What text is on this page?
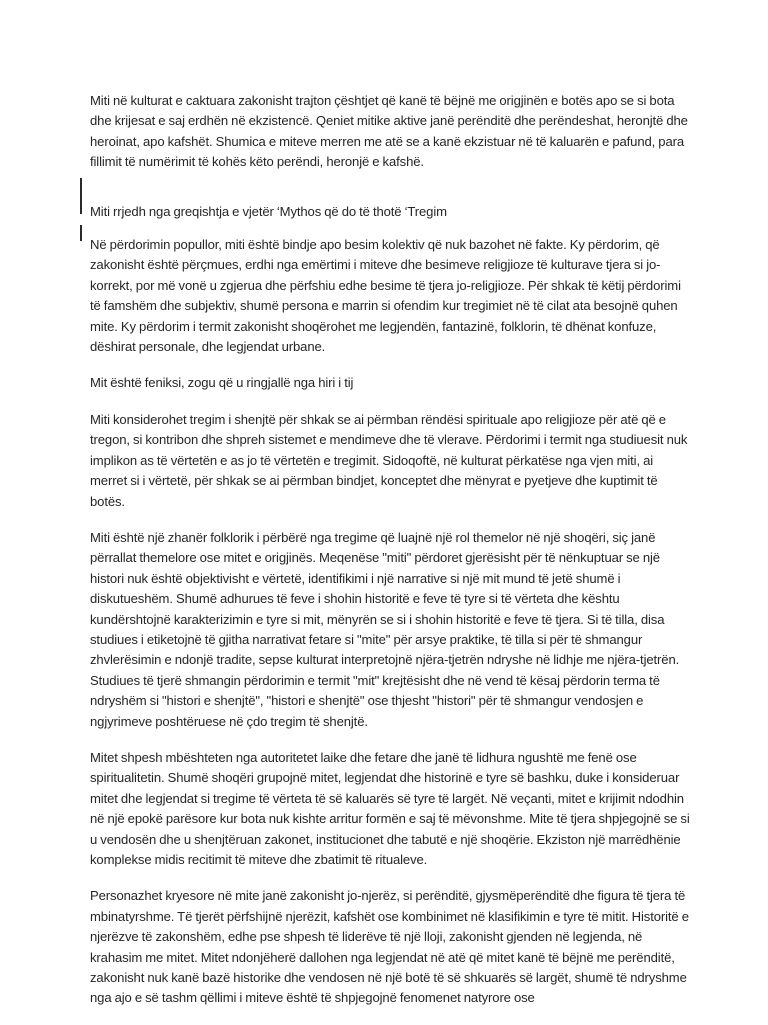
Miti në kulturat e caktuara zakonisht trajton çështjet që kanë të bëjnë me origjinën e botës apo se si bota dhe krijesat e saj erdhën në ekzistencë. Qeniet mitike aktive janë perënditë dhe perëndeshat, heronjtë dhe heroinat, apo kafshët. Shumica e miteve merren me atë se a kanë ekzistuar në të kaluarën e pafund, para fillimit të numërimit të kohës këto perëndi, heronjë e kafshë.

Miti rrjedh nga greqishtja e vjetër ‘Mythos që do të thotë ‘Tregim

Në përdorimin popullor, miti është bindje apo besim kolektiv që nuk bazohet në fakte. Ky përdorim, që zakonisht është përçmues, erdhi nga emërtimi i miteve dhe besimeve religjioze të kulturave tjera si jo-korrekt, por më vonë u zgjerua dhe përfshiu edhe besime të tjera jo-religjioze. Për shkak të këtij përdorimi të famshëm dhe subjektiv, shumë persona e marrin si ofendim kur tregimiet në të cilat ata besojnë quhen mite. Ky përdorim i termit zakonisht shoqërohet me legjendën, fantazinë, folklorin, të dhënat konfuze, dëshirat personale, dhe legjendat urbane.

Mit është feniksi, zogu që u ringjallë nga hiri i tij

Miti konsiderohet tregim i shenjtë për shkak se ai përmban rëndësi spirituale apo religjioze për atë që e tregon, si kontribon dhe shpreh sistemet e mendimeve dhe të vlerave. Përdorimi i termit nga studiuesit nuk implikon as të vërtetën e as jo të vërtetën e tregimit. Sidoqoftë, në kulturat përkatëse nga vjen miti, ai merret si i vërtetë, për shkak se ai përmban bindjet, konceptet dhe mënyrat e pyetjeve dhe kuptimit të botës.

Miti është një zhanër folklorik i përbërë nga tregime që luajnë një rol themelor në një shoqëri, siç janë përrallat themelore ose mitet e origjinës. Meqenëse "miti" përdoret gjerësisht për të nënkuptuar se një histori nuk është objektivisht e vërtetë, identifikimi i një narrative si një mit mund të jetë shumë i diskutueshëm. Shumë adhurues të feve i shohin historitë e feve të tyre si të vërteta dhe kështu kundërshtojnë karakterizimin e tyre si mit, mënyrën se si i shohin historitë e feve të tjera. Si të tilla, disa studiues i etiketojnë të gjitha narrativat fetare si "mite" për arsye praktike, të tilla si për të shmangur zhvlerësimin e ndonjë tradite, sepse kulturat interpretojnë njëra-tjetrën ndryshe në lidhje me njëra-tjetrën. Studiues të tjerë shmangin përdorimin e termit "mit" krejtësisht dhe në vend të kësaj përdorin terma të ndryshëm si "histori e shenjtë", "histori e shenjtë" ose thjesht "histori" për të shmangur vendosjen e ngjyrimeve poshtëruese në çdo tregim të shenjtë.

Mitet shpesh mbështeten nga autoritetet laike dhe fetare dhe janë të lidhura ngushtë me fenë ose spiritualitetin. Shumë shoqëri grupojnë mitet, legjendat dhe historinë e tyre së bashku, duke i konsideruar mitet dhe legjendat si tregime të vërteta të së kaluarës së tyre të largët. Në veçanti, mitet e krijimit ndodhin në një epokë parësore kur bota nuk kishte arritur formën e saj të mëvonshme. Mite të tjera shpjegojnë se si u vendosën dhe u shenjtëruan zakonet, institucionet dhe tabutë e një shoqërie. Ekziston një marrëdhënie komplekse midis recitimit të miteve dhe zbatimit të ritualeve.

Personazhet kryesore në mite janë zakonisht jo-njerëz, si perënditë, gjysmëperënditë dhe figura të tjera të mbinatyrshme. Të tjerët përfshijnë njerëzit, kafshët ose kombinimet në klasifikimin e tyre të mitit. Historitë e njerëzve të zakonshëm, edhe pse shpesh të liderëve të një lloji, zakonisht gjenden në legjenda, në krahasim me mitet. Mitet ndonjëherë dallohen nga legjendat në atë që mitet kanë të bëjnë me perënditë, zakonisht nuk kanë bazë historike dhe vendosen në një botë të së shkuarës së largët, shumë të ndryshme nga ajo e së tashm qëllimi i miteve është të shpjegojnë fenomenet natyrore ose
